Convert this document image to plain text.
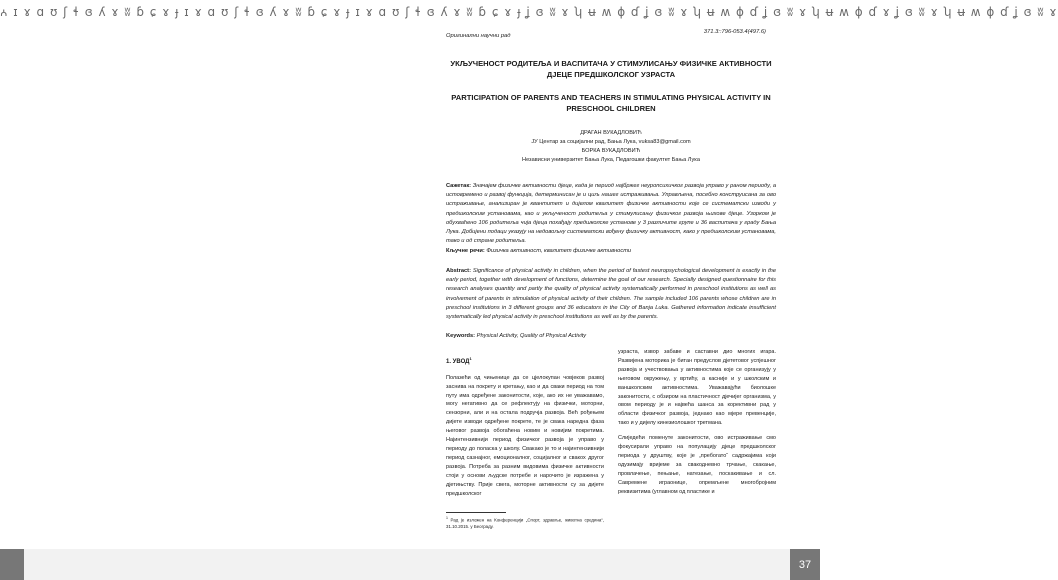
ꭅ ɪ ɤ ɑ ʊ ʃ ɬ ɞ ʎ ɤ ʬ ɓ ɕ ɤ ɟ ɪ ɤ ɑ ʊ ʃ ɬ ɞ ʎ ɤ ʬ ɓ ɕ ɤ ɟ ɪ ɤ ɑ ʊ ʃ ɬ ɞ ʎ ɤ ʬ ɓ ɕ ɤ ɟ ʝ ɞ ʬ ɤ ʮ ʉ ʍ ɸ ɗ ʝ ɞ ʬ ɤ ʮ ʉ ʍ ɸ ɗ ʝ ɞ ʬ ɤ ʮ ʉ ʍ ɸ ɗ ɤ ʝ ɞ ʬ ɤ ʮ ʉ ʍ ɸ ɗ ʝ ɞ ʬ ɤ
37
Оригинални научни рад
371.3::796-053.4(497.6)
УКЉУЧЕНОСТ РОДИТЕЉА И ВАСПИТАЧА У СТИМУЛИСАЊУ ФИЗИЧКЕ АКТИВНОСТИ ДЈЕЦЕ ПРЕДШКОЛСКОГ УЗРАСТА
PARTICIPATION OF PARENTS AND TEACHERS IN STIMULATING PHYSICAL ACTIVITY IN PRESCHOOL CHILDREN
ДРАГАН ВУКАДЛОВИЋ
ЈУ Центар за социјални рад, Бања Лука, vuksa83@gmail.com
БОРКА ВУКАДЛОВИЋ
Независни универзитет Бања Лука, Педагошки факултет Бања Лука
Сажетак: Значајем физичке активности дјеце, када је период најбржег неуропсихичког развоја управо у раном периоду, а истовремено и развој функција, детерминисан је и циљ нашег истраживања. Управљена, посебно конструисана за ово истраживање, анализиран је квантитет и дијелом квалитет физичке активности које се систематски изводи у предшколским установама, као и укљученост родитеља у стимулисању физичког развоја њихове дјеце. Узорком је обухваћено 106 родитеља чија дјеца похађају предшколске установе у 3 различите групе и 36 васпитача у граду Бања Лука. Добијени подаци указују на недовољну систематски вођену физичку активност, како у предшколским установама, тако и од стране родитеља.
Кључне речи: Физичка активност, квалитет физичке активности
Abstract: Significance of physical activity in children, when the period of fastest neuropsychological development is exactly in the early period, together with development of functions, determine the goal of our research. Specially designed questionnaire for this research analyses quantity and partly the quality of physical activity systematically performed in preschool institutions as well as involvement of parents in stimulation of physical activity of their children. The sample included 106 parents whose children are in preschool institutions in 3 different groups and 36 educators in the City of Banja Luka. Gathered information indicate insufficient systematically led physical activity in preschool institutions as well as by the parents.
Keywords: Physical Activity, Quality of Physical Activity
1. УВОД$^1$

Полазећи од чињенице да се цјелокупан човјеков развој заснива на покрету и кретању, као и да сваки период на том путу има одређене законитости, које, ако их не уважавамо, могу негативно да се рефлектују на физички, моторни, сензорни, али и на остала подручја развоја. Већ рођењем дијете изводи одређене покрете, те је свака наредна фаза његовог развоја обогаћена новим и новијим покретима. Најинтензивнији период физичког развоја је управо у периоду до поласка у школу. Свакако је то и најинтензивнији период сазнајног, емоционалног, социјалног и свакох другог развоја. Потреба за разним видовима физичке активности стоји у основи људске потребе и нарочито је изражена у дјетињству. Прије свега, моторне активности су за дијете предшколског

узраста, извор забаве и саставни дио многих игара. Развијена моторика је битан предуслов дјететовог успјешног развоја и учествовања у активностима које се организују у његовом окружењу, у вртићу, а касније и у школским и ваншколским активностима. Уважавајући биолошке законитости, с обзиром на пластичност дјечијег организма, у овом периоду је и највећа шанса за корективни рад у области физичког развоја, једнако као мјере превенције, тако и у дијелу кинезиолошког третмана.

Слиједећи поменуте законитости, ово истраживање смо фокусирали управо на популацију дјеце предшколског периода у друштву, које је „пребогато“ садржајима који одузимају вријеме за свакодневно трчање, скакање, провлачење, пењање, натезање, поскакивање и сл. Савремене играонице, опремљене многобројним реквизитима (углавном од пластике и

$^1$ Рад је изложен на Конференцији „Спорт, здравље, животна средина“, 31.10.2015. у Београду.
